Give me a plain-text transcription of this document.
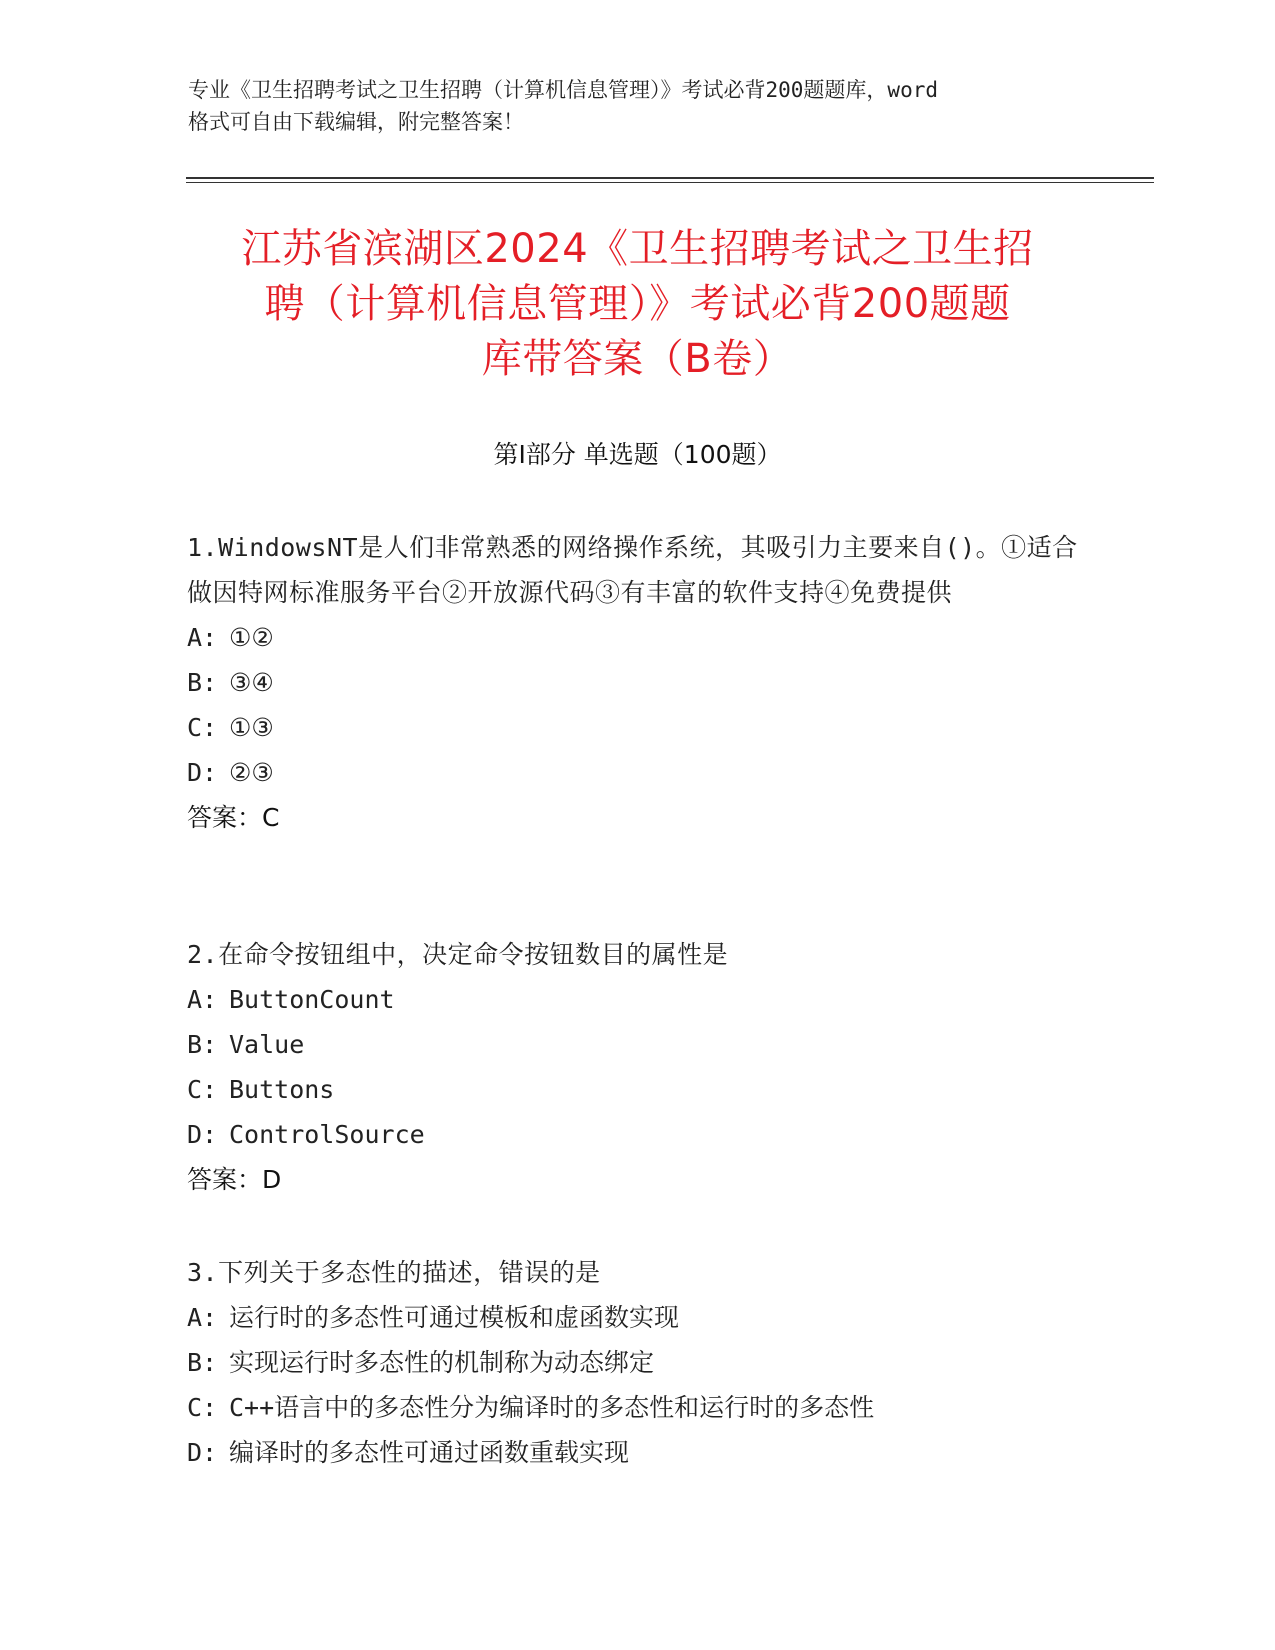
专业《卫生招聘考试之卫生招聘（计算机信息管理）》考试必背200题题库，word
格式可自由下载编辑，附完整答案！
江苏省滨湖区2024《卫生招聘考试之卫生招
聘（计算机信息管理）》考试必背200题题
库带答案（B卷）
第I部分 单选题（100题）
1.WindowsNT是人们非常熟悉的网络操作系统，其吸引力主要来自()。①适合做因特网标准服务平台②开放源代码③有丰富的软件支持④免费提供
A: ①②
B: ③④
C: ①③
D: ②③
答案：C
2.在命令按钮组中，决定命令按钮数目的属性是
A: ButtonCount
B: Value
C: Buttons
D: ControlSource
答案：D
3.下列关于多态性的描述，错误的是
A: 运行时的多态性可通过模板和虚函数实现
B: 实现运行时多态性的机制称为动态绑定
C: C++语言中的多态性分为编译时的多态性和运行时的多态性
D: 编译时的多态性可通过函数重载实现
